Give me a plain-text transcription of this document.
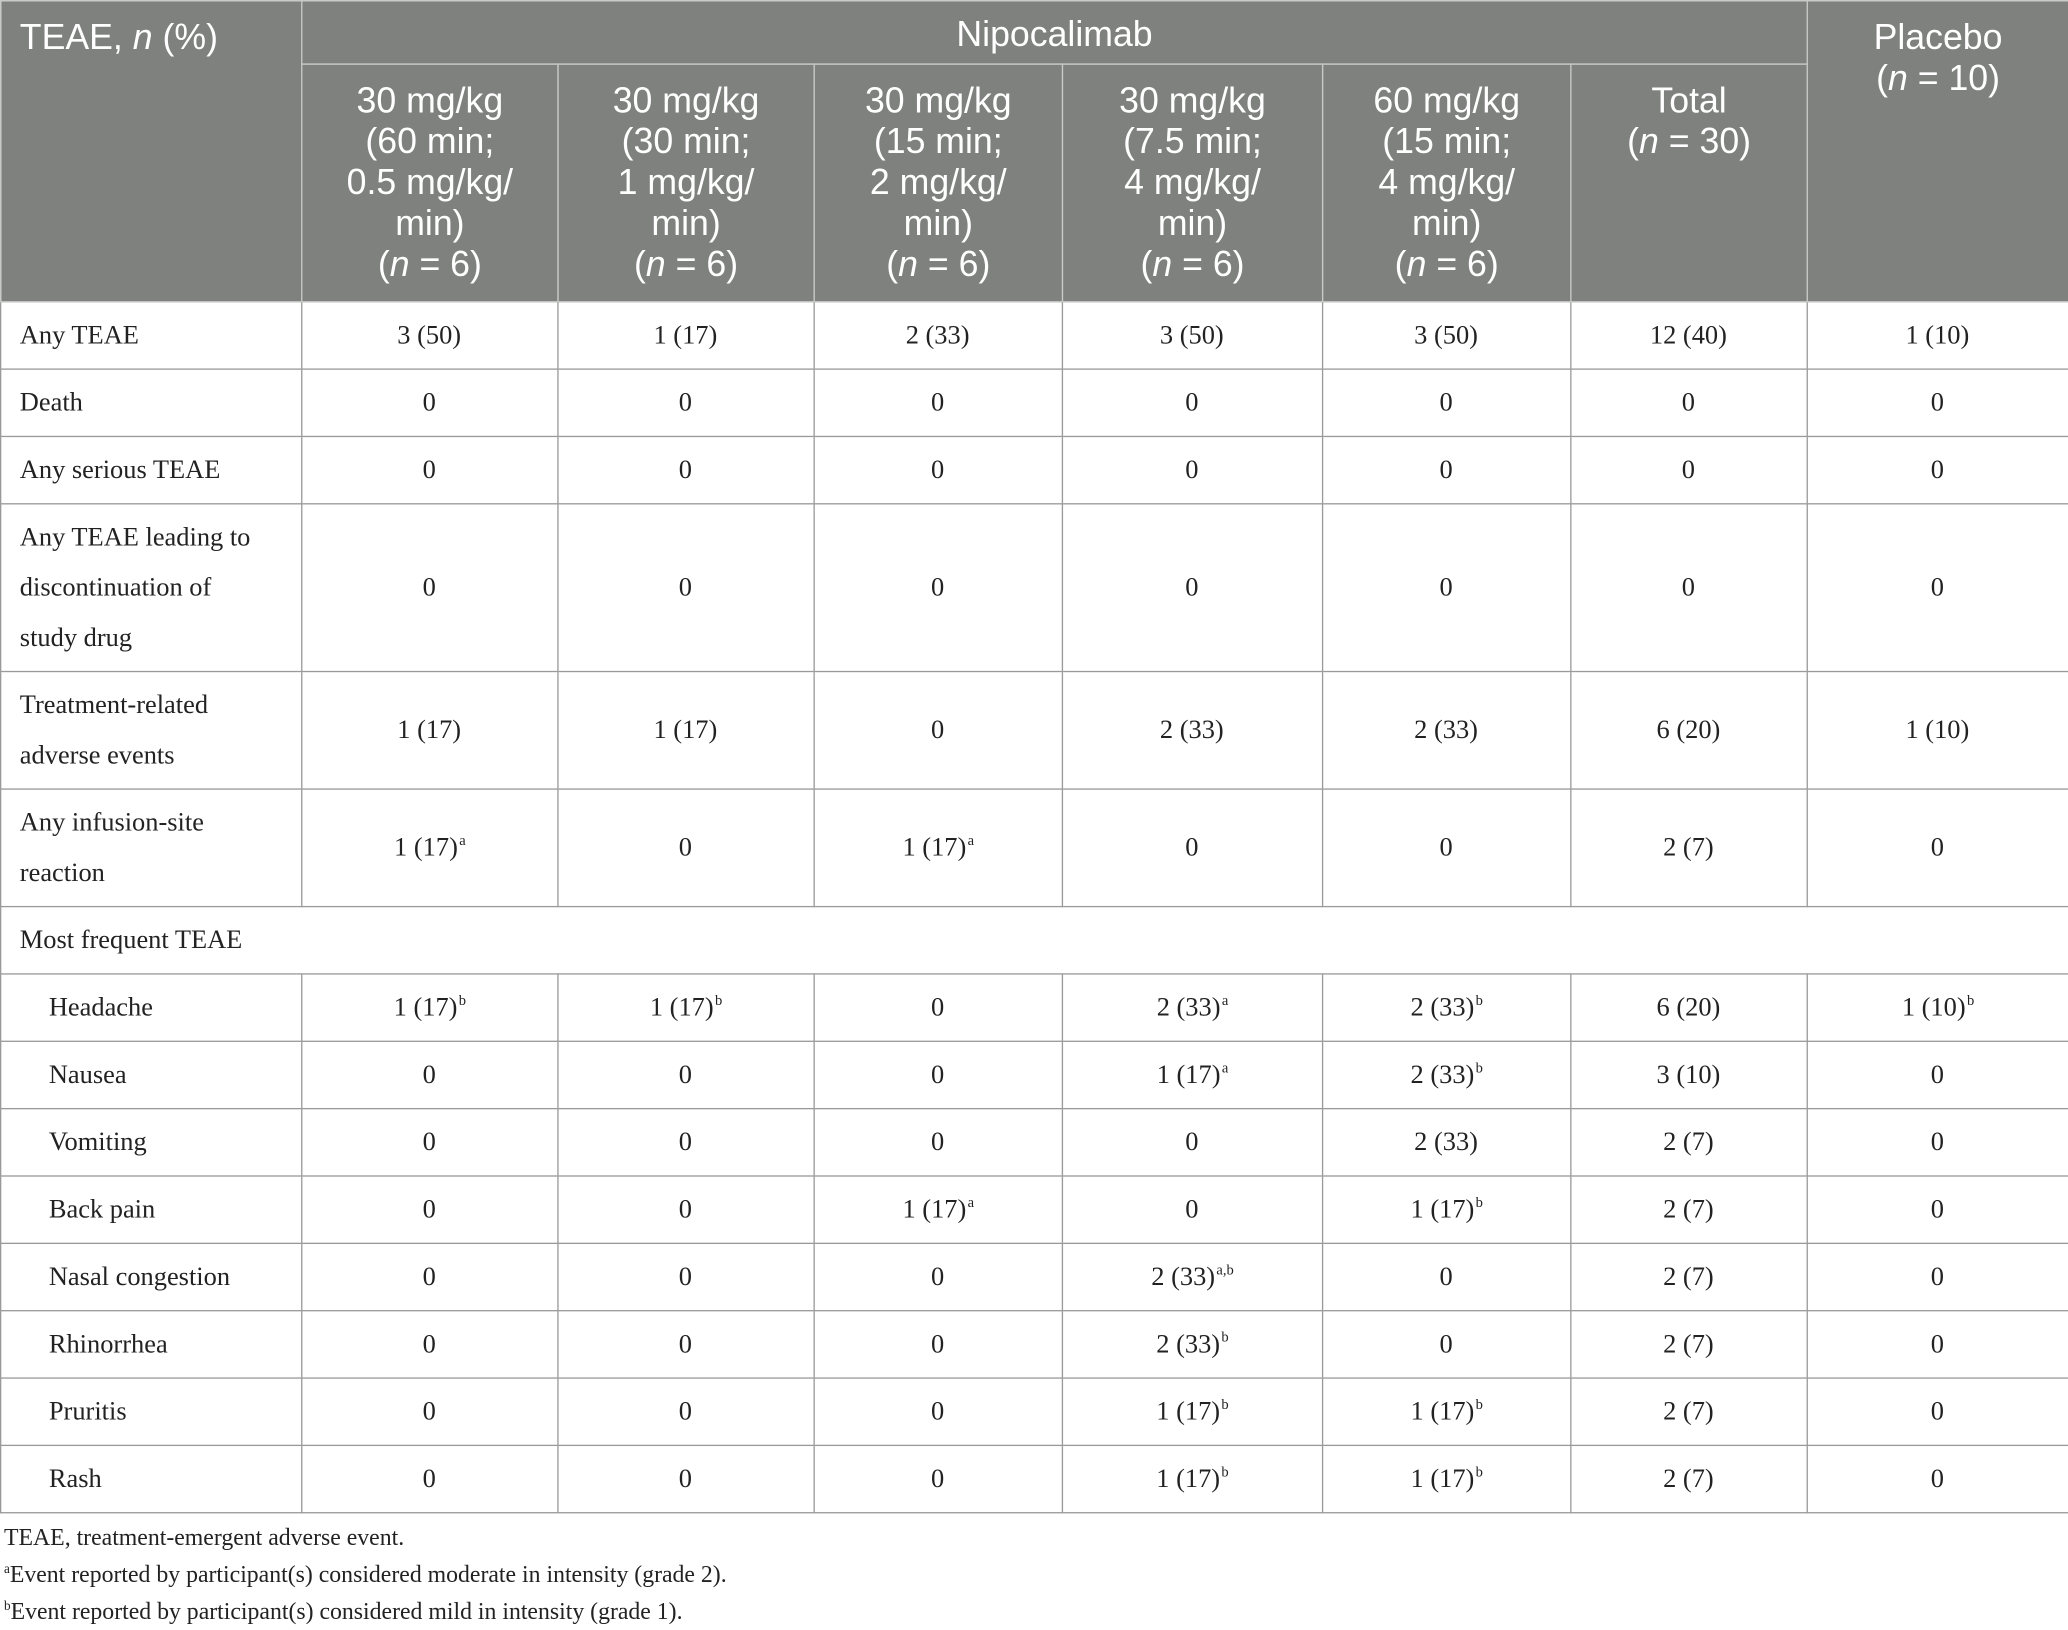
TEAE, n (%)	Nipocalimab						Placebo
(n = 10)
	30 mg/kg
(60 min;
0.5 mg/kg/
min)
(n = 6)	30 mg/kg
(30 min;
1 mg/kg/
min)
(n = 6)	30 mg/kg
(15 min;
2 mg/kg/
min)
(n = 6)	30 mg/kg
(7.5 min;
4 mg/kg/
min)
(n = 6)	60 mg/kg
(15 min;
4 mg/kg/
min)
(n = 6)	Total
(n = 30)	
Any TEAE	3 (50)	1 (17)	2 (33)	3 (50)	3 (50)	12 (40)	1 (10)
Death	0	0	0	0	0	0	0
Any serious TEAE	0	0	0	0	0	0	0
Any TEAE leading to
discontinuation of
study drug	0	0	0	0	0	0	0
Treatment-related
adverse events	1 (17)	1 (17)	0	2 (33)	2 (33)	6 (20)	1 (10)
Any infusion-site
reaction	1 $(17)^a$	0	1 $(17)^a$	0	0	2 (7)	0
Most frequent TEAE							
Headache	1 $(17)^b$	1 $(17)^b$	0	2 $(33)^a$	2 $(33)^b$	6 (20)	1 $(10)^b$
Nausea	0	0	0	1 $(17)^a$	2 $(33)^b$	3 (10)	0
Vomiting	0	0	0	0	2 (33)	2 (7)	0
Back pain	0	0	1 $(17)^a$	0	1 $(17)^b$	2 (7)	0
Nasal congestion	0	0	0	2 $(33)^{a,b}$	0	2 (7)	0
Rhinorrhea	0	0	0	2 $(33)^b$	0	2 (7)	0
Pruritis	0	0	0	1 $(17)^b$	1 $(17)^b$	2 (7)	0
Rash	0	0	0	1 $(17)^b$	1 $(17)^b$	2 (7)	0

TEAE, treatment-emergent adverse event.

$^a$Event reported by participant(s) considered moderate in intensity (grade 2).

$^b$Event reported by participant(s) considered mild in intensity (grade 1).
